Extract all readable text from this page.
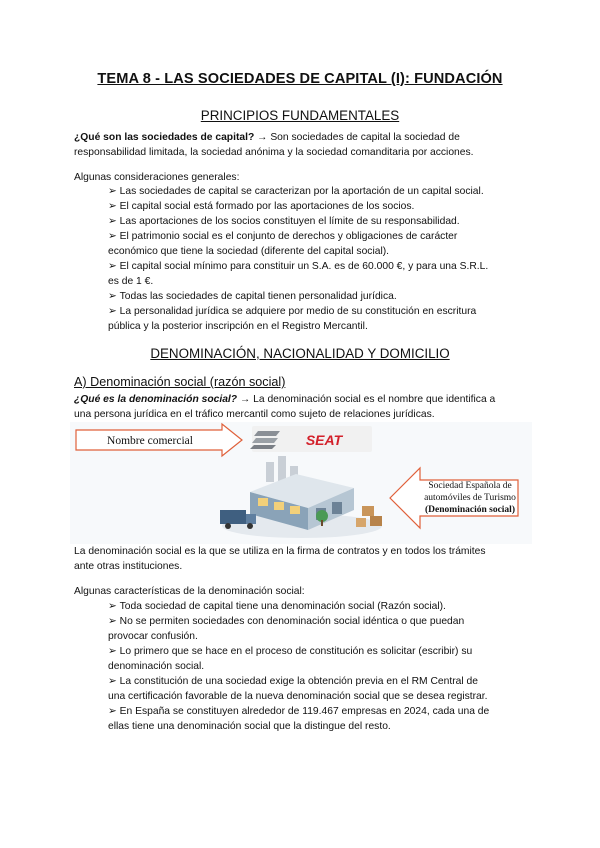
TEMA 8 - LAS SOCIEDADES DE CAPITAL (I): FUNDACIÓN
PRINCIPIOS FUNDAMENTALES
¿Qué son las sociedades de capital? → Son sociedades de capital la sociedad de
responsabilidad limitada, la sociedad anónima y la sociedad comanditaria por acciones.
Algunas consideraciones generales:
➢ Las sociedades de capital se caracterizan por la aportación de un capital social.
➢ El capital social está formado por las aportaciones de los socios.
➢ Las aportaciones de los socios constituyen el límite de su responsabilidad.
➢ El patrimonio social es el conjunto de derechos y obligaciones de carácter
económico que tiene la sociedad (diferente del capital social).
➢ El capital social mínimo para constituir un S.A. es de 60.000 €, y para una S.R.L.
es de 1 €.
➢ Todas las sociedades de capital tienen personalidad jurídica.
➢ La personalidad jurídica se adquiere por medio de su constitución en escritura
pública y la posterior inscripción en el Registro Mercantil.
DENOMINACIÓN, NACIONALIDAD Y DOMICILIO
A) Denominación social (razón social)
¿Qué es la denominación social? → La denominación social es el nombre que identifica a
una persona jurídica en el tráfico mercantil como sujeto de relaciones jurídicas.
Nombre comercial	SEAT
Sociedad Española de
automóviles de Turismo
(Denominación social)
La denominación social es la que se utiliza en la firma de contratos y en todos los trámites
ante otras instituciones.
Algunas características de la denominación social:
➢ Toda sociedad de capital tiene una denominación social (Razón social).
➢ No se permiten sociedades con denominación social idéntica o que puedan
provocar confusión.
➢ Lo primero que se hace en el proceso de constitución es solicitar (escribir) su
denominación social.
➢ La constitución de una sociedad exige la obtención previa en el RM Central de
una certificación favorable de la nueva denominación social que se desea registrar.
➢ En España se constituyen alrededor de 119.467 empresas en 2024, cada una de
ellas tiene una denominación social que la distingue del resto.
